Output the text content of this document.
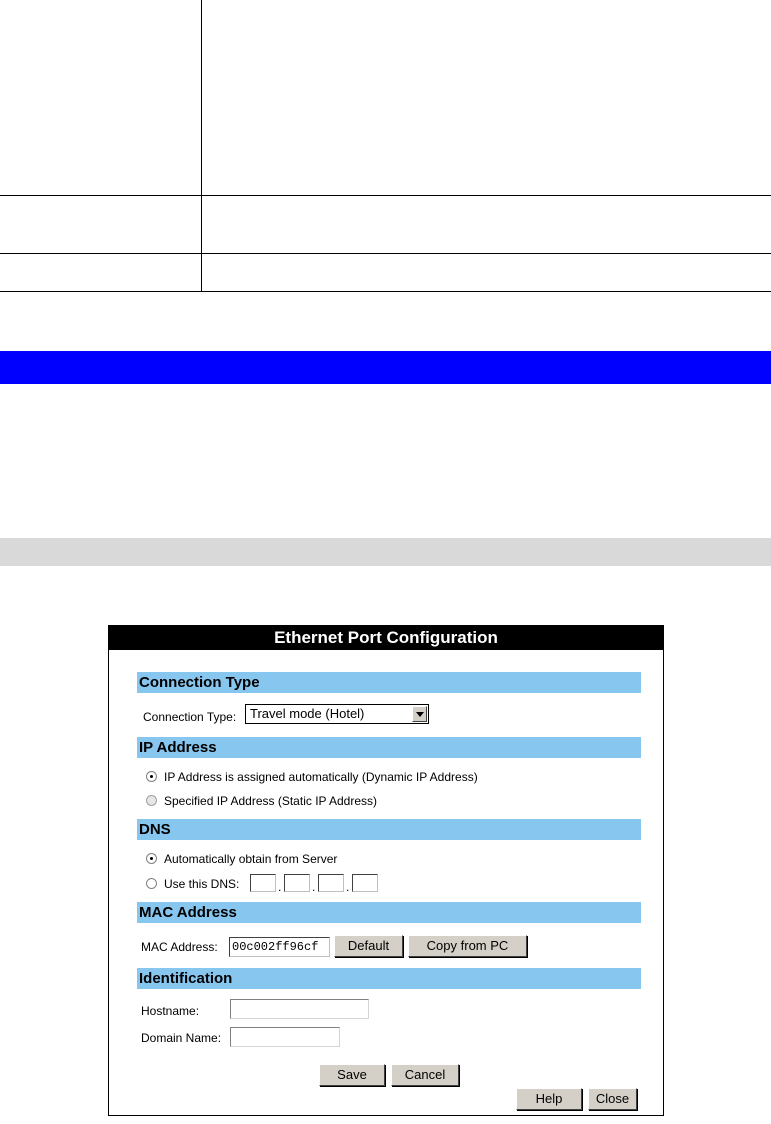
Ethernet Port Configuration
Connection Type
Connection Type:	Travel mode (Hotel)
IP Address
IP Address is assigned automatically (Dynamic IP Address)
Specified IP Address (Static IP Address)
DNS
Automatically obtain from Server
Use this DNS:	.	.	.
MAC Address
MAC Address: 00c002ff96cf	Default	Copy from PC
Identification
Hostname:
Domain Name:
Save	Cancel
Help	Close
